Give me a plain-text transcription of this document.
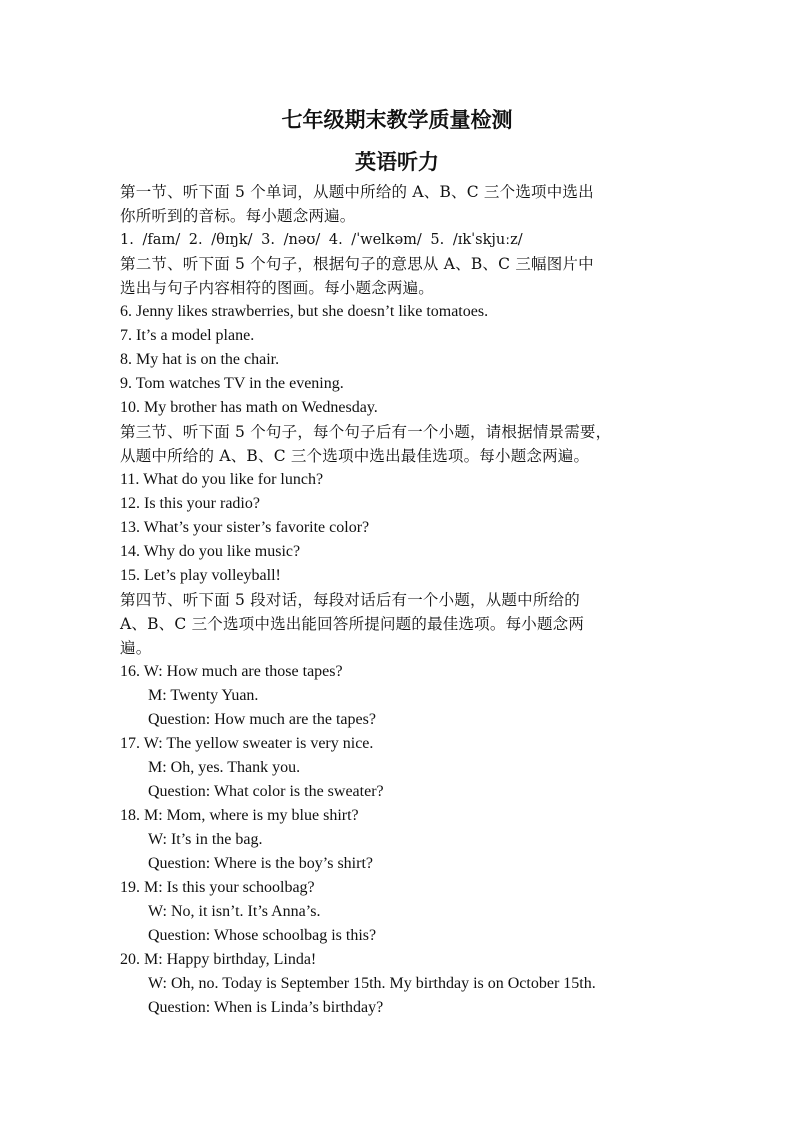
七年级期末教学质量检测
英语听力
第一节、听下面 5 个单词，从题中所给的 A、B、C 三个选项中选出
你所听到的音标。每小题念两遍。
1. /faɪn/ 2. /θɪŋk/ 3. /nəʊ/ 4. /ˈwelkəm/ 5. /ɪkˈskjuːz/
第二节、听下面 5 个句子，根据句子的意思从 A、B、C 三幅图片中
选出与句子内容相符的图画。每小题念两遍。
6. Jenny likes strawberries, but she doesn’t like tomatoes.
7. It’s a model plane.
8. My hat is on the chair.
9. Tom watches TV in the evening.
10. My brother has math on Wednesday.
第三节、听下面 5 个句子，每个句子后有一个小题，请根据情景需要，
从题中所给的 A、B、C 三个选项中选出最佳选项。每小题念两遍。
11. What do you like for lunch?
12. Is this your radio?
13. What’s your sister’s favorite color?
14. Why do you like music?
15. Let’s play volleyball!
第四节、听下面 5 段对话，每段对话后有一个小题，从题中所给的
A、B、C 三个选项中选出能回答所提问题的最佳选项。每小题念两
遍。
16. W: How much are those tapes?
M: Twenty Yuan.
Question: How much are the tapes?
17. W: The yellow sweater is very nice.
M: Oh, yes. Thank you.
Question: What color is the sweater?
18. M: Mom, where is my blue shirt?
W: It’s in the bag.
Question: Where is the boy’s shirt?
19. M: Is this your schoolbag?
W: No, it isn’t. It’s Anna’s.
Question: Whose schoolbag is this?
20. M: Happy birthday, Linda!
W: Oh, no. Today is September 15th. My birthday is on October 15th.
Question: When is Linda’s birthday?
